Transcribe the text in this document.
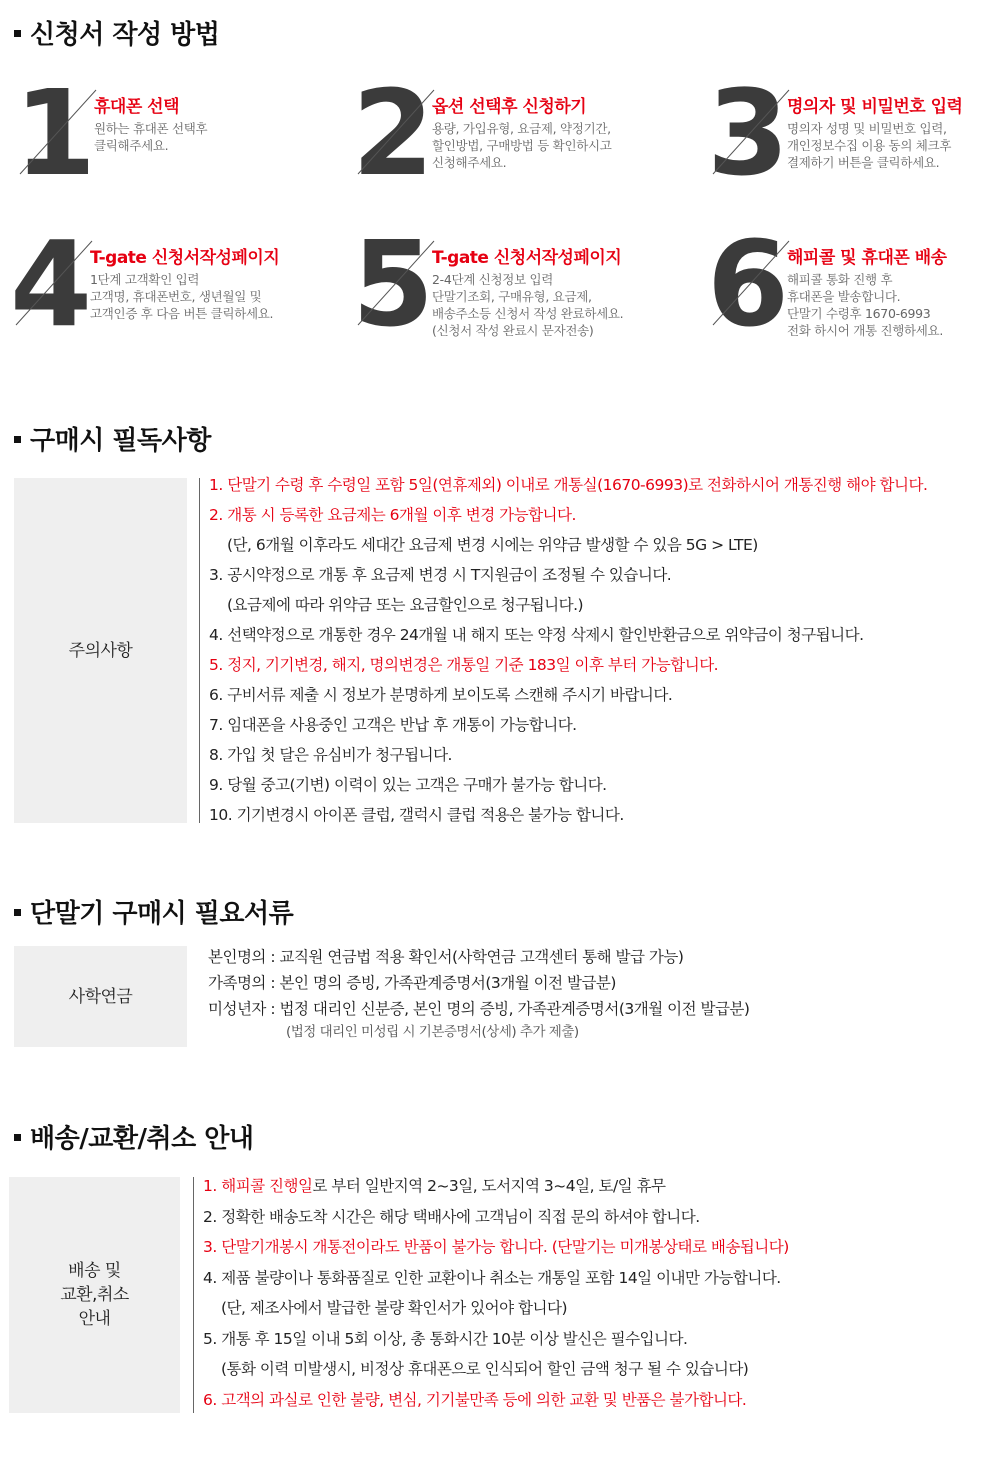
신청서 작성 방법
1 휴대폰 선택
원하는 휴대폰 선택후
클릭해주세요.	2 옵션 선택후 신청하기
용량, 가입유형, 요금제, 약정기간,
할인방법, 구매방법 등 확인하시고
신청해주세요.	3 명의자 및 비밀번호 입력
명의자 성명 및 비밀번호 입력,
개인정보수집 이용 동의 체크후
결제하기 버튼을 클릭하세요.
4 T-gate 신청서작성페이지
1단계 고객확인 입력
고객명, 휴대폰번호, 생년월일 및
고객인증 후 다음 버튼 클릭하세요. 5 T-gate 신청서작성페이지
2-4단계 신청정보 입력
단말기조회, 구매유형, 요금제,
배송주소등 신청서 작성 완료하세요.
(신청서 작성 완료시 문자전송) 6 해피콜 및 휴대폰 배송
해피콜 통화 진행 후
휴대폰을 발송합니다.
단말기 수령후 1670-6993
전화 하시어 개통 진행하세요.
구매시 필독사항
주의사항
1. 단말기 수령 후 수령일 포함 5일(연휴제외) 이내로 개통실(1670-6993)로 전화하시어 개통진행 해야 합니다.
2. 개통 시 등록한 요금제는 6개월 이후 변경 가능합니다.
(단, 6개월 이후라도 세대간 요금제 변경 시에는 위약금 발생할 수 있음 5G > LTE)
3. 공시약정으로 개통 후 요금제 변경 시 T지원금이 조정될 수 있습니다.
(요금제에 따라 위약금 또는 요금할인으로 청구됩니다.)
4. 선택약정으로 개통한 경우 24개월 내 해지 또는 약정 삭제시 할인반환금으로 위약금이 청구됩니다.
5. 정지, 기기변경, 해지, 명의변경은 개통일 기준 183일 이후 부터 가능합니다.
6. 구비서류 제출 시 정보가 분명하게 보이도록 스캔해 주시기 바랍니다.
7. 임대폰을 사용중인 고객은 반납 후 개통이 가능합니다.
8. 가입 첫 달은 유심비가 청구됩니다.
9. 당월 중고(기변) 이력이 있는 고객은 구매가 불가능 합니다.
10. 기기변경시 아이폰 클럽, 갤럭시 클럽 적용은 불가능 합니다.
단말기 구매시 필요서류
사학연금
본인명의 : 교직원 연금법 적용 확인서(사학연금 고객센터 통해 발급 가능)
가족명의 : 본인 명의 증빙, 가족관계증명서(3개월 이전 발급분)
미성년자 : 법정 대리인 신분증, 본인 명의 증빙, 가족관계증명서(3개월 이전 발급분)
(법정 대리인 미성립 시 기본증명서(상세) 추가 제출)
배송/교환/취소 안내
배송 및
교환,취소
안내
1. 해피콜 진행일로 부터 일반지역 2~3일, 도서지역 3~4일, 토/일 휴무
2. 정확한 배송도착 시간은 해당 택배사에 고객님이 직접 문의 하셔야 합니다.
3. 단말기개봉시 개통전이라도 반품이 불가능 합니다. (단말기는 미개봉상태로 배송됩니다)
4. 제품 불량이나 통화품질로 인한 교환이나 취소는 개통일 포함 14일 이내만 가능합니다.
(단, 제조사에서 발급한 불량 확인서가 있어야 합니다)
5. 개통 후 15일 이내 5회 이상, 총 통화시간 10분 이상 발신은 필수입니다.
(통화 이력 미발생시, 비정상 휴대폰으로 인식되어 할인 금액 청구 될 수 있습니다)
6. 고객의 과실로 인한 불량, 변심, 기기불만족 등에 의한 교환 및 반품은 불가합니다.
